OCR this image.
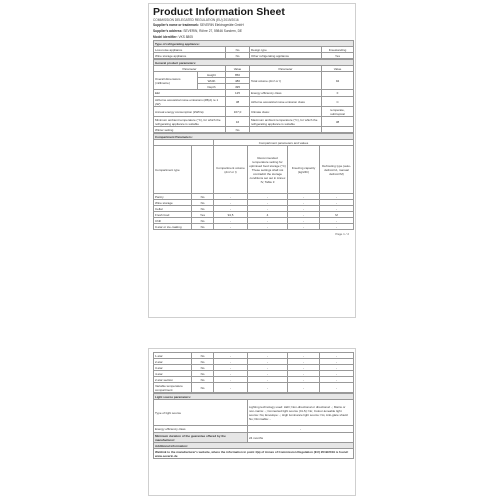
Product Information Sheet
COMMISSION DELEGATED REGULATION (EU) 2019/2016
Supplier's name or trademark: SEVERIN Elektrogeräte GmbH
Supplier's address: SEVERIN, Röhre 27, 59846 Sundern, DE
Model identifier: VKS 8805
Type of refrigerating appliance:			
Low-noise appliance	No	Design type	Freestanding
Wine storage appliance	No	Other refrigerating appliance	Yes
General product parameters:				
Parameter		Value	Parameter	Value
Overall dimensions (millimetre)	Height	850	Total volume (dm³ or l)	94
	Width	480		
	Depth	495		
EEI		125	Energy efficiency class	F
Airborne acoustical noise emissions (dB(A) re 1 pW)		38	Airborne acoustical noise emission class	C
Annual energy consumption (kWh/a)		167,0	Climate class:	temperate, subtropical
Minimum ambient temperature (°C), for which the refrigerating appliance is suitable		16	Maximum ambient temperature (°C), for which the refrigerating appliance is suitable	38
Winter setting		No		
Compartment Parameters:					
		Compartment parameters and values			
Compartment type		Compartment volume (dm³ or l)	Recommended temperature setting for optimised food storage (°C) These settings shall not contradict the storage conditions set out in Annex IV, Table 3	Freezing capacity (kg/24h)	Defrosting type (auto-defrost=A, manual defrost=M)
Pantry	No	-	-	-	-
Wine storage	No	-	-	-	-
Cellar	No	-	-	-	-
Fresh food	Yes	94,5	4	-	M
Chill	No	-	-	-	-
0-star or ice-making	No	-	-	-	-
Page 1 / 2
1-star	No	-	-	-	-
2-star	No	-	-	-	-
3-star	No	-	-	-	-
4-star	No	-	-	-	-
2-star section	No	-	-	-	-
Variable temperature compartment	No	-	-	-	-
Light source parameters:	
Type of light source	Lighting technology used: LED; Non-directional or directional: -; Mains or non-mains: -; Connected light source (CLS): No; Colour-tuneable light source: No; Envelope: -; High luminance light source: No; Anti-glare shield: No; Dimmable: -
Energy efficiency class	-
Minimum duration of the guarantee offered by the manufacturer:	24 months
Additional information:	
Weblink to the manufacturer's website, where the information in point 4(a) of Annex of Commission Regulation (EU) 2019/2019 is found: www.severin.de	
